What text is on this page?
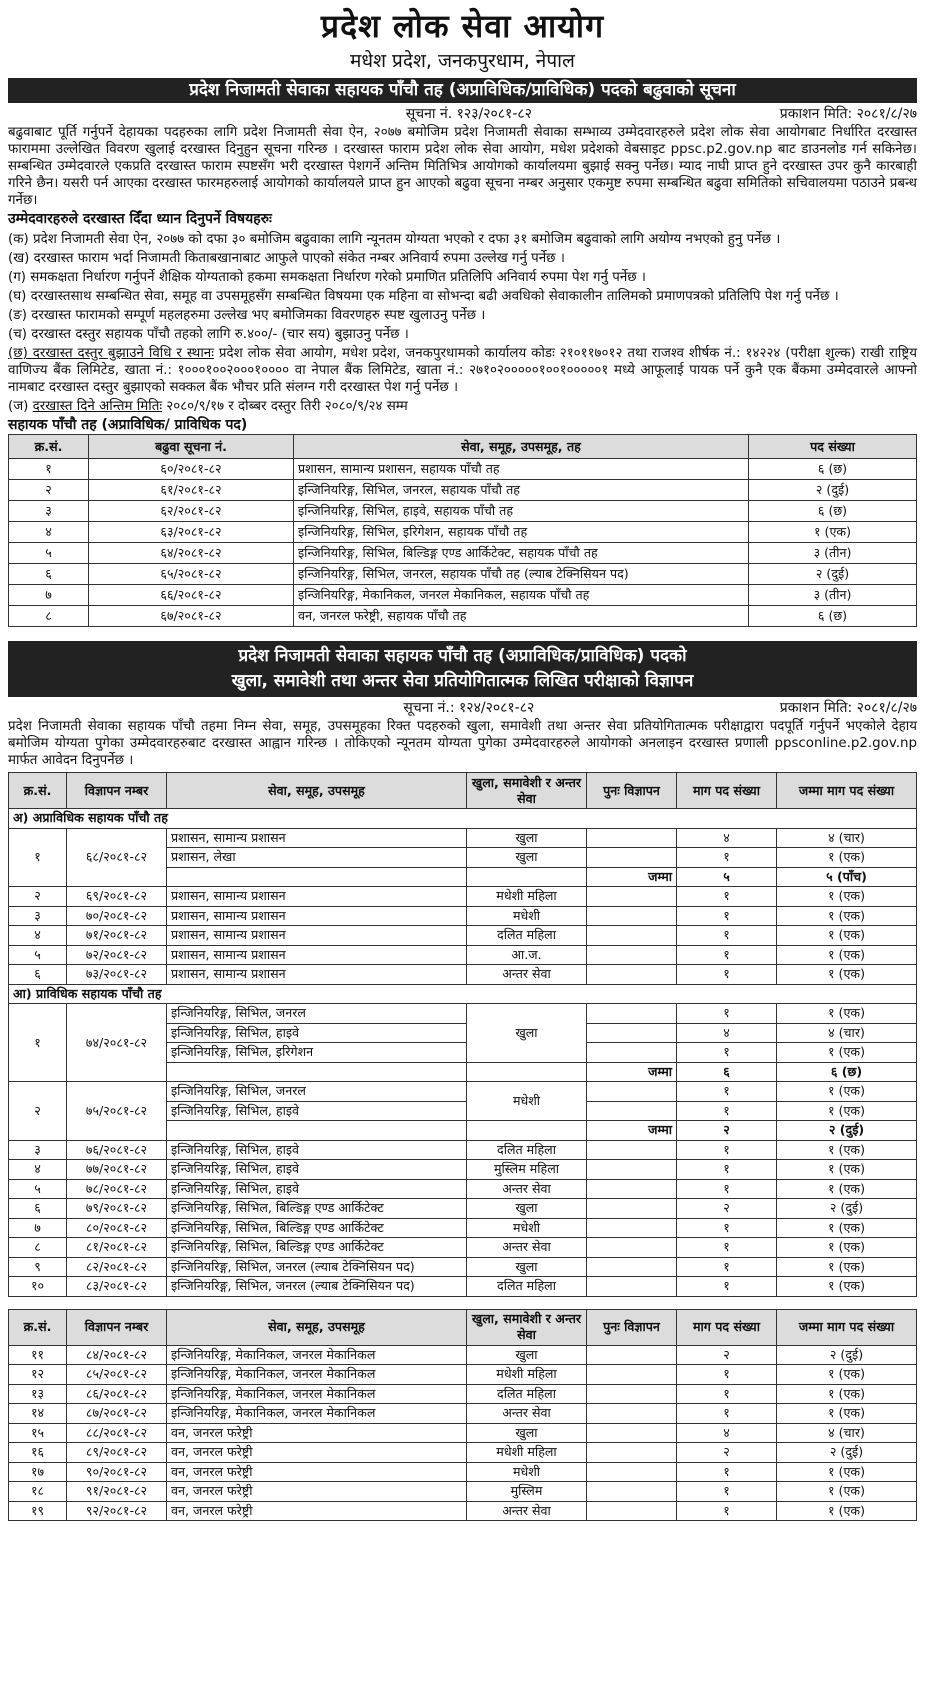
प्रदेश लोक सेवा आयोग
मधेश प्रदेश, जनकपुरधाम, नेपाल
प्रदेश निजामती सेवाका सहायक पाँचौ तह (अप्राविधिक/प्राविधिक) पदको बढुवाको सूचना
सूचना नं. १२३/२०८१-८२	प्रकाशन मिति: २०८१/८/२७
बढुवाबाट पूर्ति गर्नुपर्ने देहायका पदहरुका लागि प्रदेश निजामती सेवा ऐन, २०७७ बमोजिम प्रदेश निजामती सेवाका सम्भाव्य उम्मेदवारहरुले प्रदेश लोक सेवा आयोगबाट निर्धारित दरखास्त फाराममा उल्लेखित विवरण खुलाई दरखास्त दिनुहुन सूचना गरिन्छ । दरखास्त फाराम प्रदेश लोक सेवा आयोग, मधेश प्रदेशको वेबसाइट ppsc.p2.gov.np बाट डाउनलोड गर्न सकिनेछ। सम्बन्धित उम्मेदवारले एकप्रति दरखास्त फाराम स्पष्टसँग भरी दरखास्त पेशगर्ने अन्तिम मितिभित्र आयोगको कार्यालयमा बुझाई सक्नु पर्नेछ। म्याद नाघी प्राप्त हुने दरखास्त उपर कुनै कारबाही गरिने छैन। यसरी पर्न आएका दरखास्त फारमहरुलाई आयोगको कार्यालयले प्राप्त हुन आएको बढुवा सूचना नम्बर अनुसार एकमुष्ट रुपमा सम्बन्धित बढुवा समितिको सचिवालयमा पठाउने प्रबन्ध गर्नेछ।
उम्मेदवारहरुले दरखास्त दिँदा ध्यान दिनुपर्ने विषयहरुः
(क) प्रदेश निजामती सेवा ऐन, २०७७ को दफा ३० बमोजिम बढुवाका लागि न्यूनतम योग्यता भएको र दफा ३१ बमोजिम बढुवाको लागि अयोग्य नभएको हुनु पर्नेछ ।
(ख) दरखास्त फाराम भर्दा निजामती किताबखानाबाट आफुले पाएको संकेत नम्बर अनिवार्य रुपमा उल्लेख गर्नु पर्नेछ ।
(ग) समकक्षता निर्धारण गर्नुपर्ने शैक्षिक योग्यताको हकमा समकक्षता निर्धारण गरेको प्रमाणित प्रतिलिपि अनिवार्य रुपमा पेश गर्नु पर्नेछ ।
(घ) दरखास्तसाथ सम्बन्धित सेवा, समूह वा उपसमूहसँग सम्बन्धित विषयमा एक महिना वा सोभन्दा बढी अवधिको सेवाकालीन तालिमको प्रमाणपत्रको प्रतिलिपि पेश गर्नु पर्नेछ ।
(ङ) दरखास्त फारामको सम्पूर्ण महलहरुमा उल्लेख भए बमोजिमका विवरणहरु स्पष्ट खुलाउनु पर्नेछ ।
(च) दरखास्त दस्तुर सहायक पाँचौ तहको लागि रु.४००/- (चार सय) बुझाउनु पर्नेछ ।
(छ) दरखास्त दस्तुर बुझाउने विधि र स्थानः प्रदेश लोक सेवा आयोग, मधेश प्रदेश, जनकपुरधामको कार्यालय कोडः २१०११७०१२ तथा राजश्व शीर्षक नं.: १४२२४ (परीक्षा शुल्क) राखी राष्ट्रिय वाणिज्य बैंक लिमिटेड, खाता नं.: १०००१००२०००१०००० वा नेपाल बैंक लिमिटेड, खाता नं.: २७१०२०००००१००१०००००१ मध्ये आफूलाई पायक पर्ने कुनै एक बैंकमा उम्मेदवारले आफ्नो नामबाट दरखास्त दस्तुर बुझाएको सक्कल बैंक भौचर प्रति संलग्न गरी दरखास्त पेश गर्नु पर्नेछ ।
(ज) दरखास्त दिने अन्तिम मितिः २०८०/९/१७ र दोब्बर दस्तुर तिरी २०८०/९/२४ सम्म
सहायक पाँचौ तह (अप्राविधिक/ प्राविधिक पद)
क्र.सं.	बढुवा सूचना नं.	सेवा, समूह, उपसमूह, तह	पद संख्या
१	६०/२०८१-८२	प्रशासन, सामान्य प्रशासन, सहायक पाँचौ तह	६ (छ)
२	६१/२०८१-८२	इन्जिनियरिङ्ग, सिभिल, जनरल, सहायक पाँचौ तह	२ (दुई)
३	६२/२०८१-८२	इन्जिनियरिङ्ग, सिभिल, हाइवे, सहायक पाँचौ तह	६ (छ)
४	६३/२०८१-८२	इन्जिनियरिङ्ग, सिभिल, इरिगेशन, सहायक पाँचौ तह	१ (एक)
५	६४/२०८१-८२	इन्जिनियरिङ्ग, सिभिल, बिल्डिङ्ग एण्ड आर्किटेक्ट, सहायक पाँचौ तह	३ (तीन)
६	६५/२०८१-८२	इन्जिनियरिङ्ग, सिभिल, जनरल, सहायक पाँचौ तह (ल्याब टेक्निसियन पद)	२ (दुई)
७	६६/२०८१-८२	इन्जिनियरिङ्ग, मेकानिकल, जनरल मेकानिकल, सहायक पाँचौ तह	३ (तीन)
८	६७/२०८१-८२	वन, जनरल फरेष्ट्री, सहायक पाँचौ तह	६ (छ)
प्रदेश निजामती सेवाका सहायक पाँचौ तह (अप्राविधिक/प्राविधिक) पदको
खुला, समावेशी तथा अन्तर सेवा प्रतियोगितात्मक लिखित परीक्षाको विज्ञापन
सूचना नं.: १२४/२०८१-८२	प्रकाशन मिति: २०८१/८/२७
प्रदेश निजामती सेवाका सहायक पाँचौ तहमा निम्न सेवा, समूह, उपसमूहका रिक्त पदहरुको खुला, समावेशी तथा अन्तर सेवा प्रतियोगितात्मक परीक्षाद्वारा पदपूर्ति गर्नुपर्ने भएकोले देहाय बमोजिम योग्यता पुगेका उम्मेदवारहरुबाट दरखास्त आह्वान गरिन्छ । तोकिएको न्यूनतम योग्यता पुगेका उम्मेदवारहरुले आयोगको अनलाइन दरखास्त प्रणाली ppsconline.p2.gov.np मार्फत आवेदन दिनुपर्नेछ ।
क्र.सं.	विज्ञापन नम्बर	सेवा, समूह, उपसमूह	खुला, समावेशी र अन्तर सेवा	पुनः विज्ञापन	माग पद संख्या	जम्मा माग पद संख्या
अ) अप्राविधिक सहायक पाँचौ तह						
१	६८/२०८१-८२	प्रशासन, सामान्य प्रशासन	खुला		४	४ (चार)
		प्रशासन, लेखा	खुला		१	१ (एक)
				जम्मा	५	५ (पाँच)
२	६९/२०८१-८२	प्रशासन, सामान्य प्रशासन	मधेशी महिला		१	१ (एक)
३	७०/२०८१-८२	प्रशासन, सामान्य प्रशासन	मधेशी		१	१ (एक)
४	७१/२०८१-८२	प्रशासन, सामान्य प्रशासन	दलित महिला		१	१ (एक)
५	७२/२०८१-८२	प्रशासन, सामान्य प्रशासन	आ.ज.		१	१ (एक)
६	७३/२०८१-८२	प्रशासन, सामान्य प्रशासन	अन्तर सेवा		१	१ (एक)
आ) प्राविधिक सहायक पाँचौ तह						
१	७४/२०८१-८२	इन्जिनियरिङ्ग, सिभिल, जनरल	खुला		१	१ (एक)
		इन्जिनियरिङ्ग, सिभिल, हाइवे			४	४ (चार)
		इन्जिनियरिङ्ग, सिभिल, इरिगेशन			१	१ (एक)
				जम्मा	६	६ (छ)
२	७५/२०८१-८२	इन्जिनियरिङ्ग, सिभिल, जनरल	मधेशी		१	१ (एक)
		इन्जिनियरिङ्ग, सिभिल, हाइवे			१	१ (एक)
				जम्मा	२	२ (दुई)
३	७६/२०८१-८२	इन्जिनियरिङ्ग, सिभिल, हाइवे	दलित महिला		१	१ (एक)
४	७७/२०८१-८२	इन्जिनियरिङ्ग, सिभिल, हाइवे	मुस्लिम महिला		१	१ (एक)
५	७८/२०८१-८२	इन्जिनियरिङ्ग, सिभिल, हाइवे	अन्तर सेवा		१	१ (एक)
६	७९/२०८१-८२	इन्जिनियरिङ्ग, सिभिल, बिल्डिङ्ग एण्ड आर्किटेक्ट	खुला		२	२ (दुई)
७	८०/२०८१-८२	इन्जिनियरिङ्ग, सिभिल, बिल्डिङ्ग एण्ड आर्किटेक्ट	मधेशी		१	१ (एक)
८	८१/२०८१-८२	इन्जिनियरिङ्ग, सिभिल, बिल्डिङ्ग एण्ड आर्किटेक्ट	अन्तर सेवा		१	१ (एक)
९	८२/२०८१-८२	इन्जिनियरिङ्ग, सिभिल, जनरल (ल्याब टेक्निसियन पद)	खुला		१	१ (एक)
१०	८३/२०८१-८२	इन्जिनियरिङ्ग, सिभिल, जनरल (ल्याब टेक्निसियन पद)	दलित महिला		१	१ (एक)
क्र.सं.	विज्ञापन नम्बर	सेवा, समूह, उपसमूह	खुला, समावेशी र अन्तर सेवा	पुनः विज्ञापन	माग पद संख्या	जम्मा माग पद संख्या
११	८४/२०८१-८२	इन्जिनियरिङ्ग, मेकानिकल, जनरल मेकानिकल	खुला		२	२ (दुई)
१२	८५/२०८१-८२	इन्जिनियरिङ्ग, मेकानिकल, जनरल मेकानिकल	मधेशी महिला		१	१ (एक)
१३	८६/२०८१-८२	इन्जिनियरिङ्ग, मेकानिकल, जनरल मेकानिकल	दलित महिला		१	१ (एक)
१४	८७/२०८१-८२	इन्जिनियरिङ्ग, मेकानिकल, जनरल मेकानिकल	अन्तर सेवा		१	१ (एक)
१५	८८/२०८१-८२	वन, जनरल फरेष्ट्री	खुला		४	४ (चार)
१६	८९/२०८१-८२	वन, जनरल फरेष्ट्री	मधेशी महिला		२	२ (दुई)
१७	९०/२०८१-८२	वन, जनरल फरेष्ट्री	मधेशी		१	१ (एक)
१८	९१/२०८१-८२	वन, जनरल फरेष्ट्री	मुस्लिम		१	१ (एक)
१९	९२/२०८१-८२	वन, जनरल फरेष्ट्री	अन्तर सेवा		१	१ (एक)
